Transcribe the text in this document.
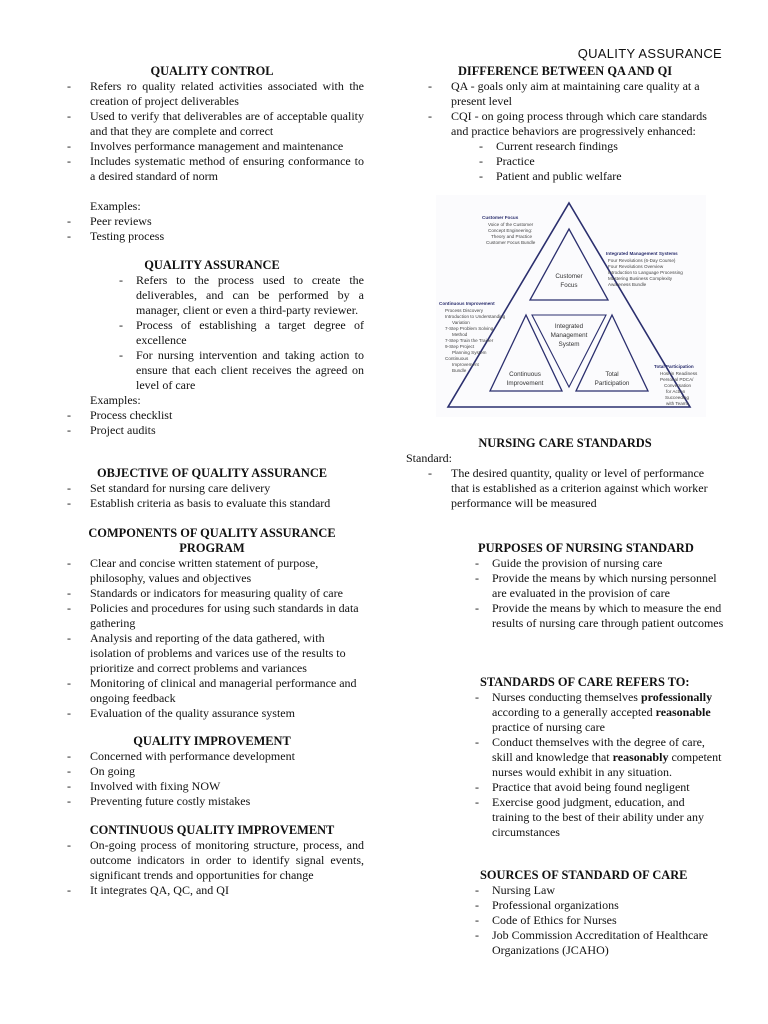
QUALITY ASSURANCE
QUALITY CONTROL
- Refers ro quality related activities associated with the creation of project deliverables
- Used to verify that deliverables are of acceptable quality and that they are complete and correct
- Involves performance management and maintenance
- Includes systematic method of ensuring conformance to a desired standard of norm
Examples:
- Peer reviews
- Testing process
QUALITY ASSURANCE
- Refers to the process used to create the deliverables, and can be performed by a manager, client or even a third-party reviewer.
- Process of establishing a target degree of excellence
- For nursing intervention and taking action to ensure that each client receives the agreed on level of care
Examples:
- Process checklist
- Project audits
OBJECTIVE OF QUALITY ASSURANCE
- Set standard for nursing care delivery
- Establish criteria as basis to evaluate this standard
COMPONENTS OF QUALITY ASSURANCE
PROGRAM
- Clear and concise written statement of purpose, philosophy, values and objectives
- Standards or indicators for measuring quality of care
- Policies and procedures for using such standards in data gathering
- Analysis and reporting of the data gathered, with isolation of problems and varices use of the results to prioritize and correct problems and variances
- Monitoring of clinical and managerial performance and ongoing feedback
- Evaluation of the quality assurance system
QUALITY IMPROVEMENT
- Concerned with performance development
- On going
- Involved with fixing NOW
- Preventing future costly mistakes
CONTINUOUS QUALITY IMPROVEMENT
- On-going process of monitoring structure, process, and outcome indicators in order to identify signal events, significant trends and opportunities for change
- It integrates QA, QC, and QI
DIFFERENCE BETWEEN QA AND QI
- QA - goals only aim at maintaining care quality at a present level
- CQI - on going process through which care standards and practice behaviors are progressively enhanced:
- Current research findings
- Practice
- Patient and public welfare
Customer
Focus
Integrated
Management
System
Continuous
Improvement
Total
Participation
Customer Focus
Voice of the Customer
Concept Engineering:
Theory and Practice
Customer Focus Bundle
Integrated Management Systems
Four Revolutions (6-Day Course)
Four Revolutions Overview
Introduction to Language Processing
Mastering Business Complexity
Awareness Bundle
Continuous Improvement
Process Discovery
Introduction to Understanding
Variation
7-Step Problem Solving
Method
7-Step Train the Trainer
9-Step Project
Planning System
Continuous
Improvement
Bundle
Total Participation
Hoshin Readiness
Personal PDCA/
Conversation
for Action
Succeeding
with Teams
NURSING CARE STANDARDS
Standard:
- The desired quantity, quality or level of performance that is established as a criterion against which worker performance will be measured
PURPOSES OF NURSING STANDARD
- Guide the provision of nursing care
- Provide the means by which nursing personnel are evaluated in the provision of care
- Provide the means by which to measure the end results of nursing care through patient outcomes
STANDARDS OF CARE REFERS TO:
- Nurses conducting themselves professionally according to a generally accepted reasonable practice of nursing care
- Conduct themselves with the degree of care, skill and knowledge that reasonably competent nurses would exhibit in any situation.
- Practice that avoid being found negligent
- Exercise good judgment, education, and training to the best of their ability under any circumstances
SOURCES OF STANDARD OF CARE
- Nursing Law
- Professional organizations
- Code of Ethics for Nurses
- Job Commission Accreditation of Healthcare Organizations (JCAHO)
